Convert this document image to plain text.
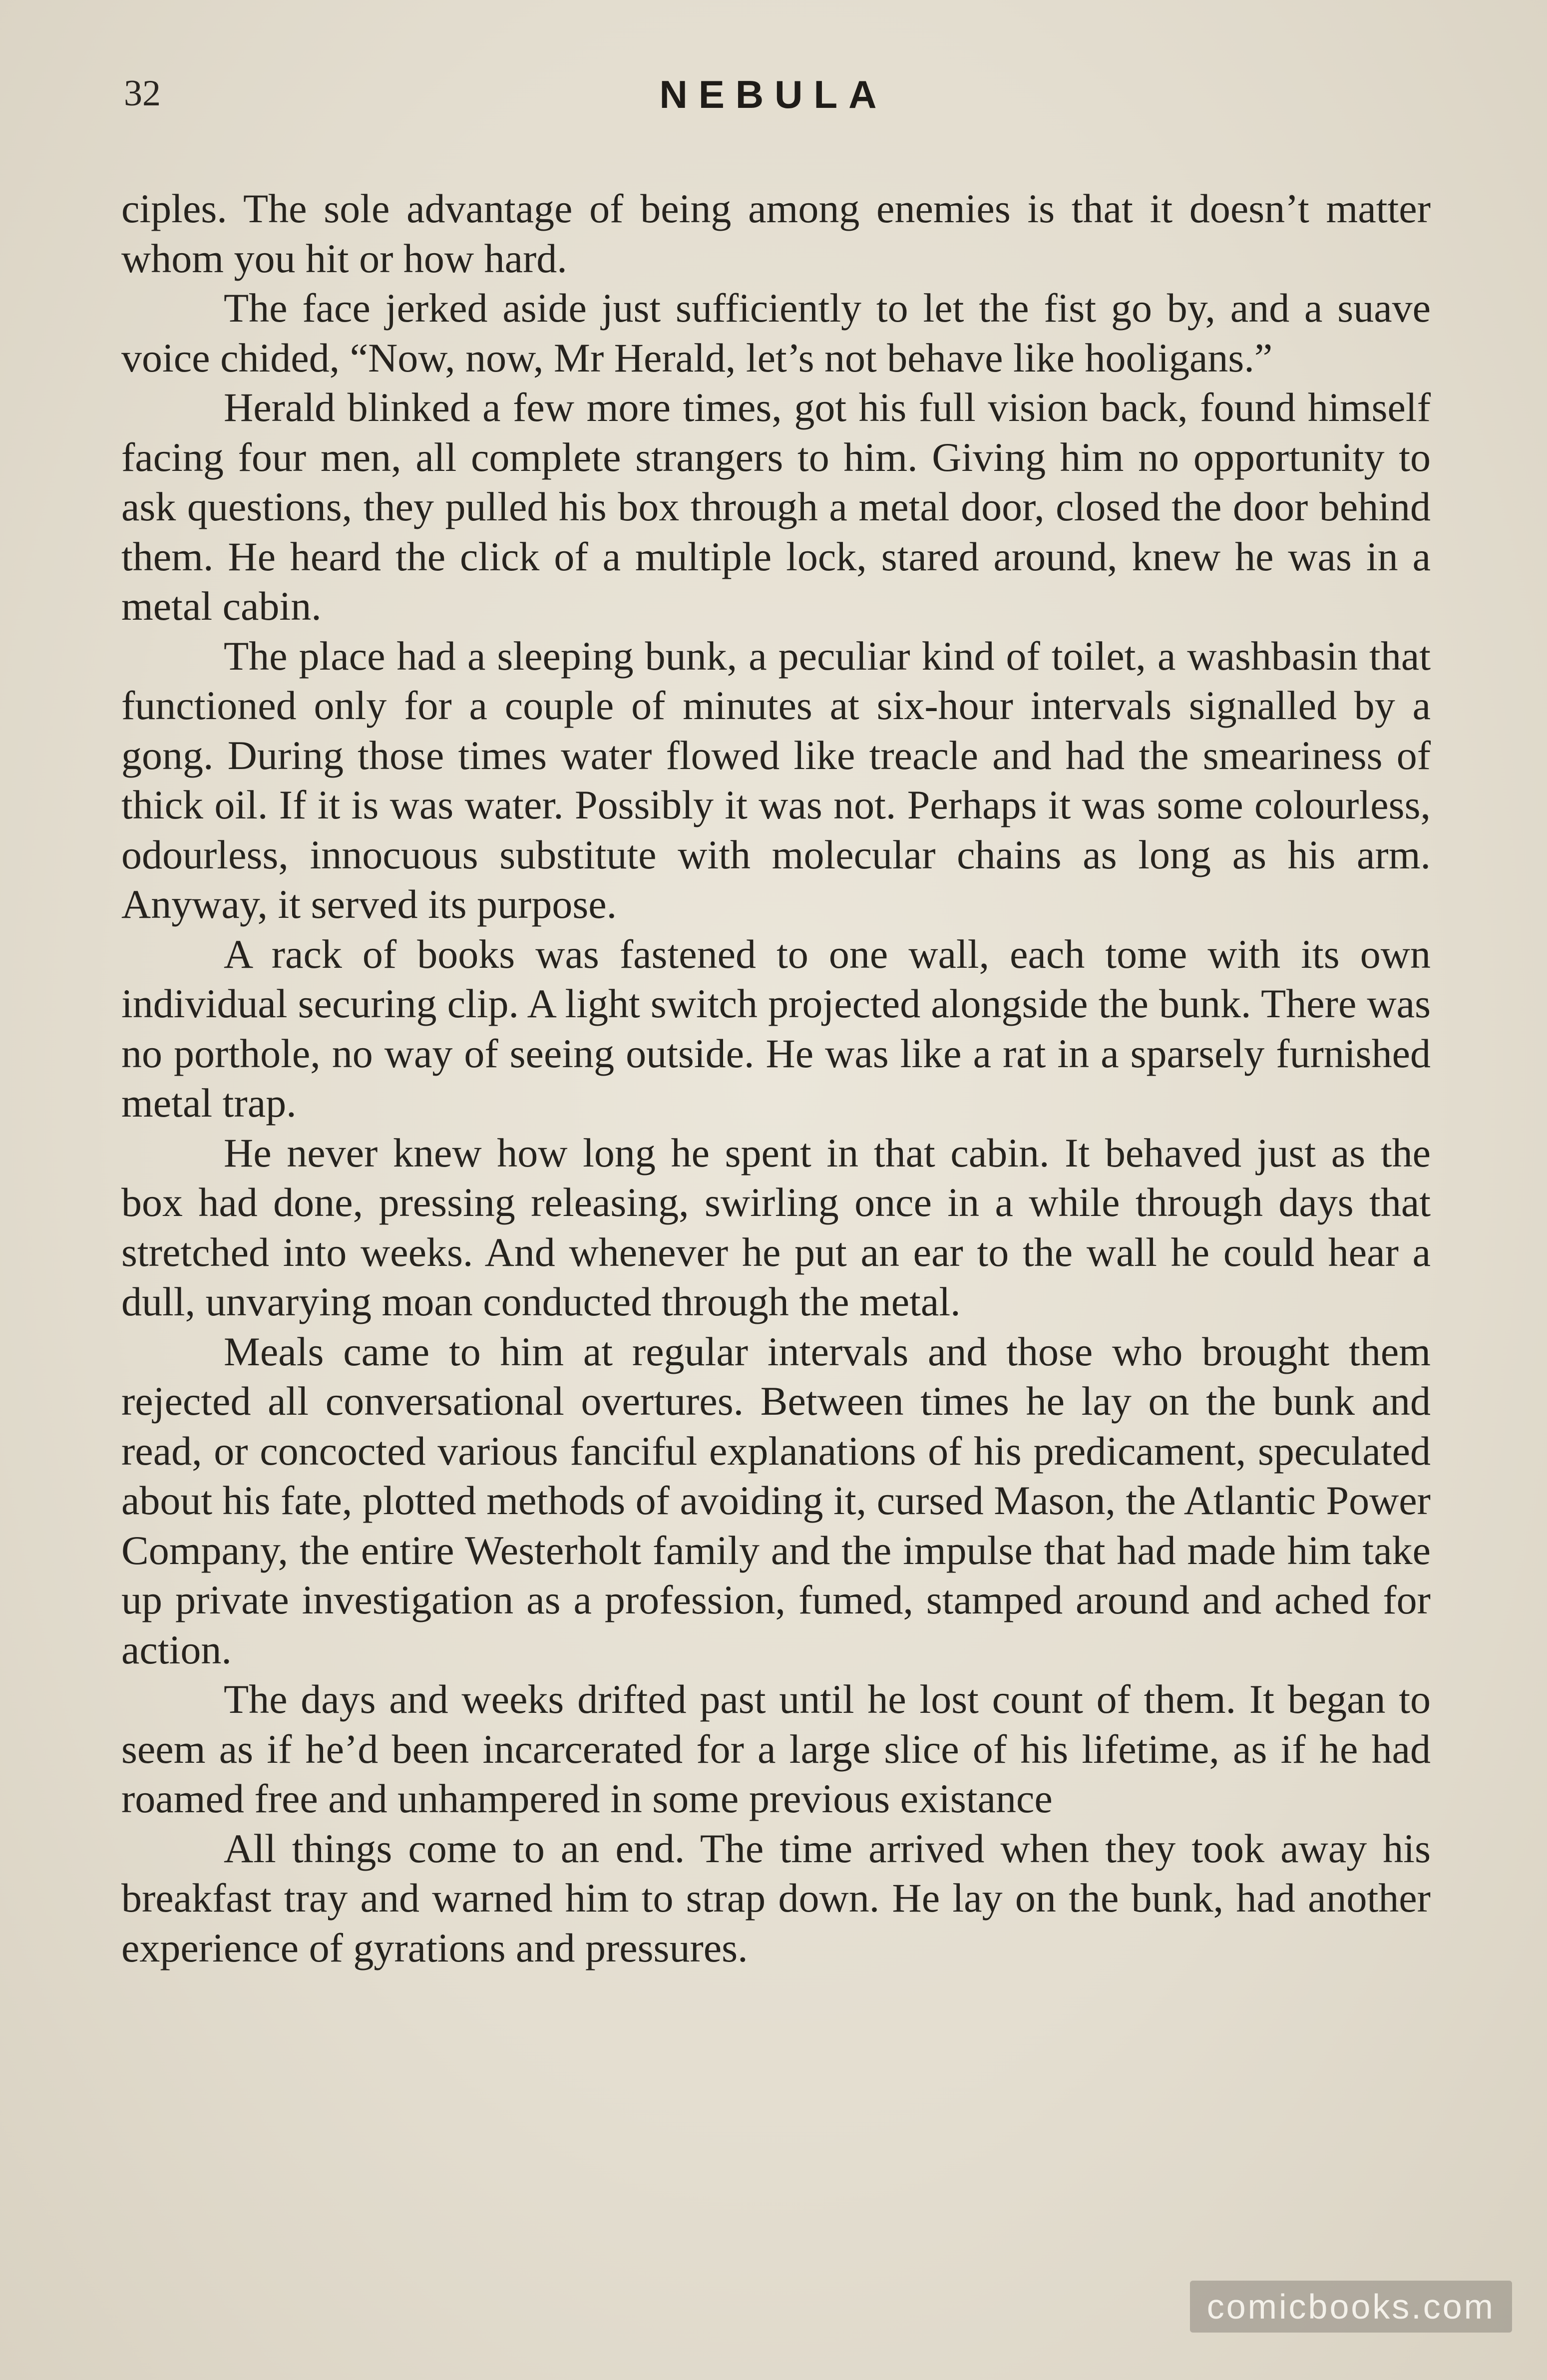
32	NEBULA

ciples. The sole advantage of being among enemies is that it doesn’t matter whom you hit or how hard.

The face jerked aside just sufficiently to let the fist go by, and a suave voice chided, “Now, now, Mr Herald, let’s not behave like hooligans.”

Herald blinked a few more times, got his full vision back, found himself facing four men, all complete strangers to him. Giving him no opportunity to ask questions, they pulled his box through a metal door, closed the door behind them. He heard the click of a multiple lock, stared around, knew he was in a metal cabin.

The place had a sleeping bunk, a peculiar kind of toilet, a washbasin that functioned only for a couple of minutes at six-hour intervals signalled by a gong. During those times water flowed like treacle and had the smeariness of thick oil. If it is was water. Possibly it was not. Perhaps it was some colourless, odourless, innocuous substitute with molecular chains as long as his arm. Anyway, it served its purpose.

A rack of books was fastened to one wall, each tome with its own individual securing clip. A light switch projected alongside the bunk. There was no porthole, no way of seeing outside. He was like a rat in a sparsely furnished metal trap.

He never knew how long he spent in that cabin. It behaved just as the box had done, pressing releasing, swirling once in a while through days that stretched into weeks. And whenever he put an ear to the wall he could hear a dull, unvarying moan conducted through the metal.

Meals came to him at regular intervals and those who brought them rejected all conversational overtures. Between times he lay on the bunk and read, or concocted various fanciful explanations of his predicament, speculated about his fate, plotted methods of avoiding it, cursed Mason, the Atlantic Power Company, the entire Westerholt family and the impulse that had made him take up private investigation as a profession, fumed, stamped around and ached for action.

The days and weeks drifted past until he lost count of them. It began to seem as if he’d been incarcerated for a large slice of his lifetime, as if he had roamed free and unhampered in some previous existance

All things come to an end. The time arrived when they took away his breakfast tray and warned him to strap down. He lay on the bunk, had another experience of gyrations and pressures.

comicbooks.com
